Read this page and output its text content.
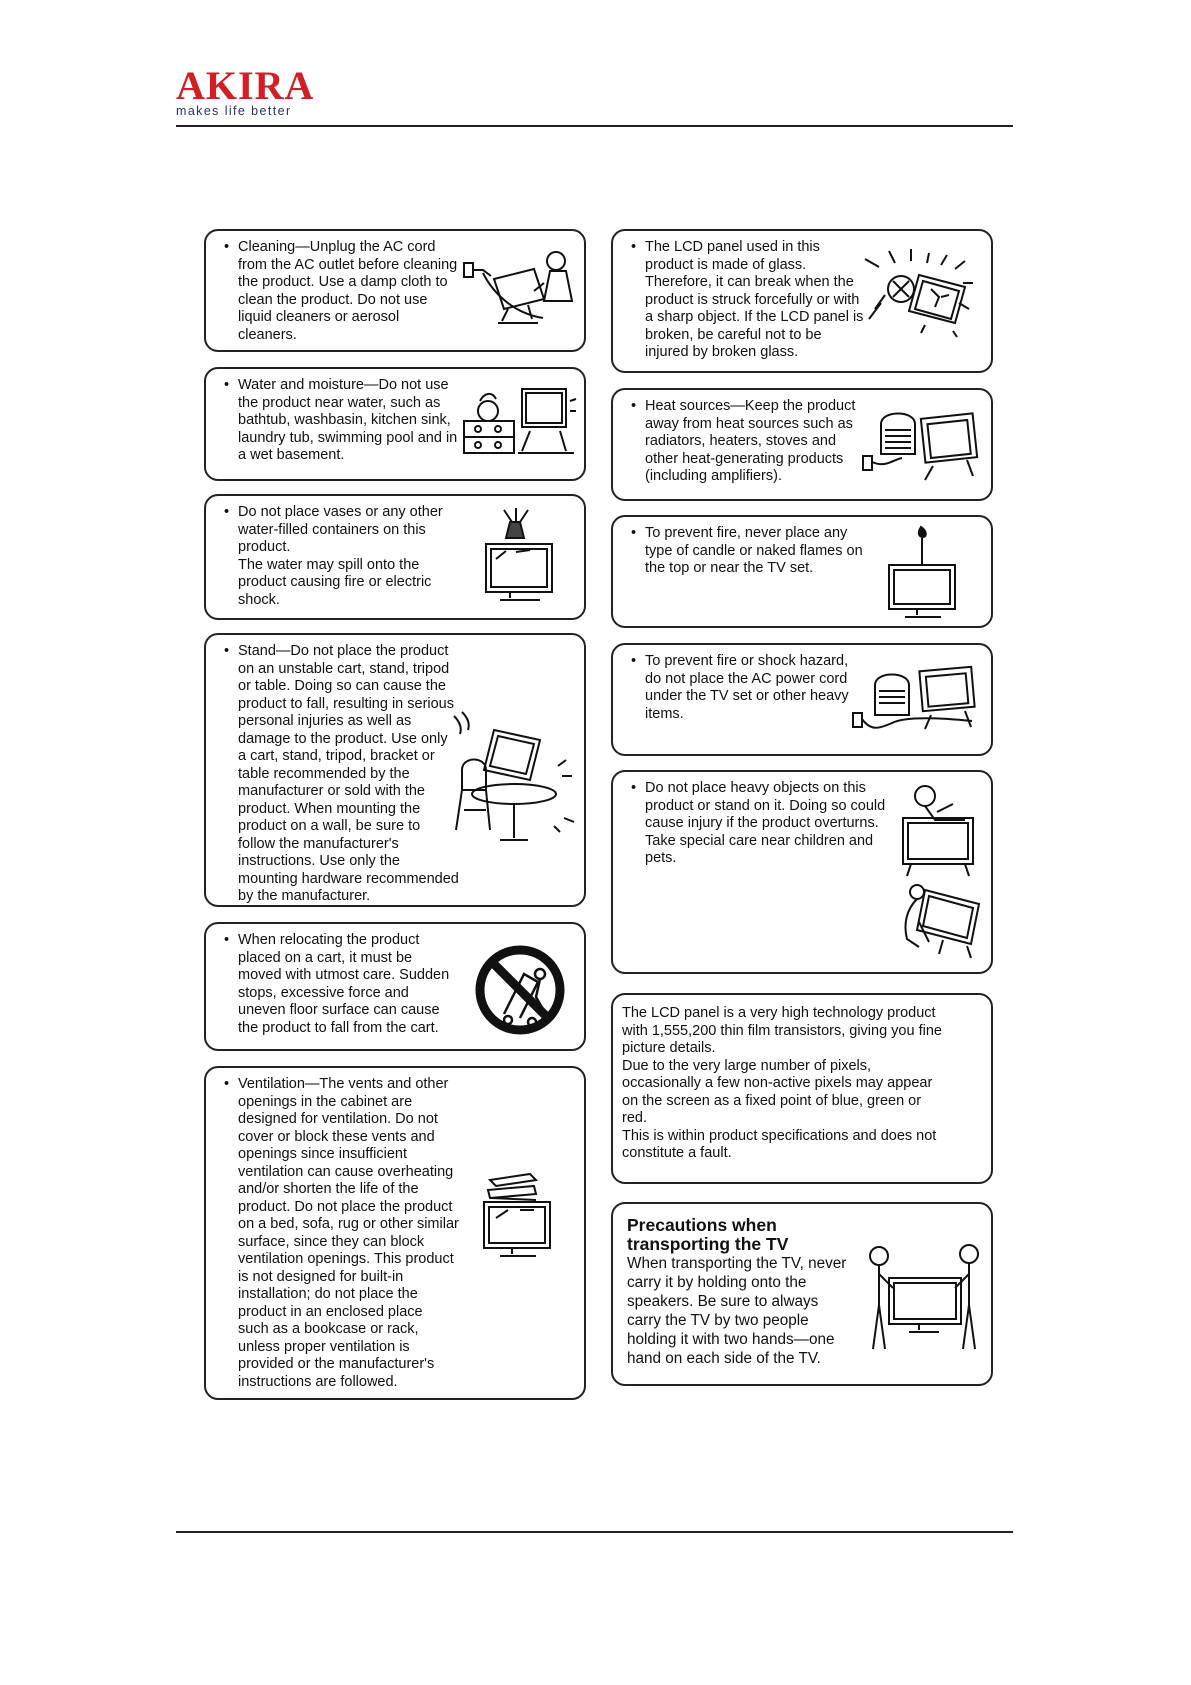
AKIRA
makes life better
• Cleaning—Unplug the AC cord
from the AC outlet before cleaning
the product. Use a damp cloth to
clean the product. Do not use
liquid cleaners or aerosol
cleaners.
• Water and moisture—Do not use
the product near water, such as
bathtub, washbasin, kitchen sink,
laundry tub, swimming pool and in
a wet basement.
• Do not place vases or any other
water-filled containers on this
product.
The water may spill onto the
product causing fire or electric
shock.
• Stand—Do not place the product
on an unstable cart, stand, tripod
or table. Doing so can cause the
product to fall, resulting in serious
personal injuries as well as
damage to the product. Use only
a cart, stand, tripod, bracket or
table recommended by the
manufacturer or sold with the
product. When mounting the
product on a wall, be sure to
follow the manufacturer's
instructions. Use only the
mounting hardware recommended
by the manufacturer.
• When relocating the product
placed on a cart, it must be
moved with utmost care. Sudden
stops, excessive force and
uneven floor surface can cause
the product to fall from the cart.
• Ventilation—The vents and other
openings in the cabinet are
designed for ventilation. Do not
cover or block these vents and
openings since insufficient
ventilation can cause overheating
and/or shorten the life of the
product. Do not place the product
on a bed, sofa, rug or other similar
surface, since they can block
ventilation openings. This product
is not designed for built-in
installation; do not place the
product in an enclosed place
such as a bookcase or rack,
unless proper ventilation is
provided or the manufacturer's
instructions are followed.
• The LCD panel used in this
product is made of glass.
Therefore, it can break when the
product is struck forcefully or with
a sharp object. If the LCD panel is
broken, be careful not to be
injured by broken glass.
• Heat sources—Keep the product
away from heat sources such as
radiators, heaters, stoves and
other heat-generating products
(including amplifiers).
• To prevent fire, never place any
type of candle or naked flames on
the top or near the TV set.
• To prevent fire or shock hazard,
do not place the AC power cord
under the TV set or other heavy
items.
• Do not place heavy objects on this
product or stand on it. Doing so could
cause injury if the product overturns.
Take special care near children and
pets.
The LCD panel is a very high technology product
with 1,555,200 thin film transistors, giving you fine
picture details.
Due to the very large number of pixels,
occasionally a few non-active pixels may appear
on the screen as a fixed point of blue, green or
red.
This is within product specifications and does not
constitute a fault.
Precautions when
transporting the TV
When transporting the TV, never
carry it by holding onto the
speakers. Be sure to always
carry the TV by two people
holding it with two hands—one
hand on each side of the TV.
